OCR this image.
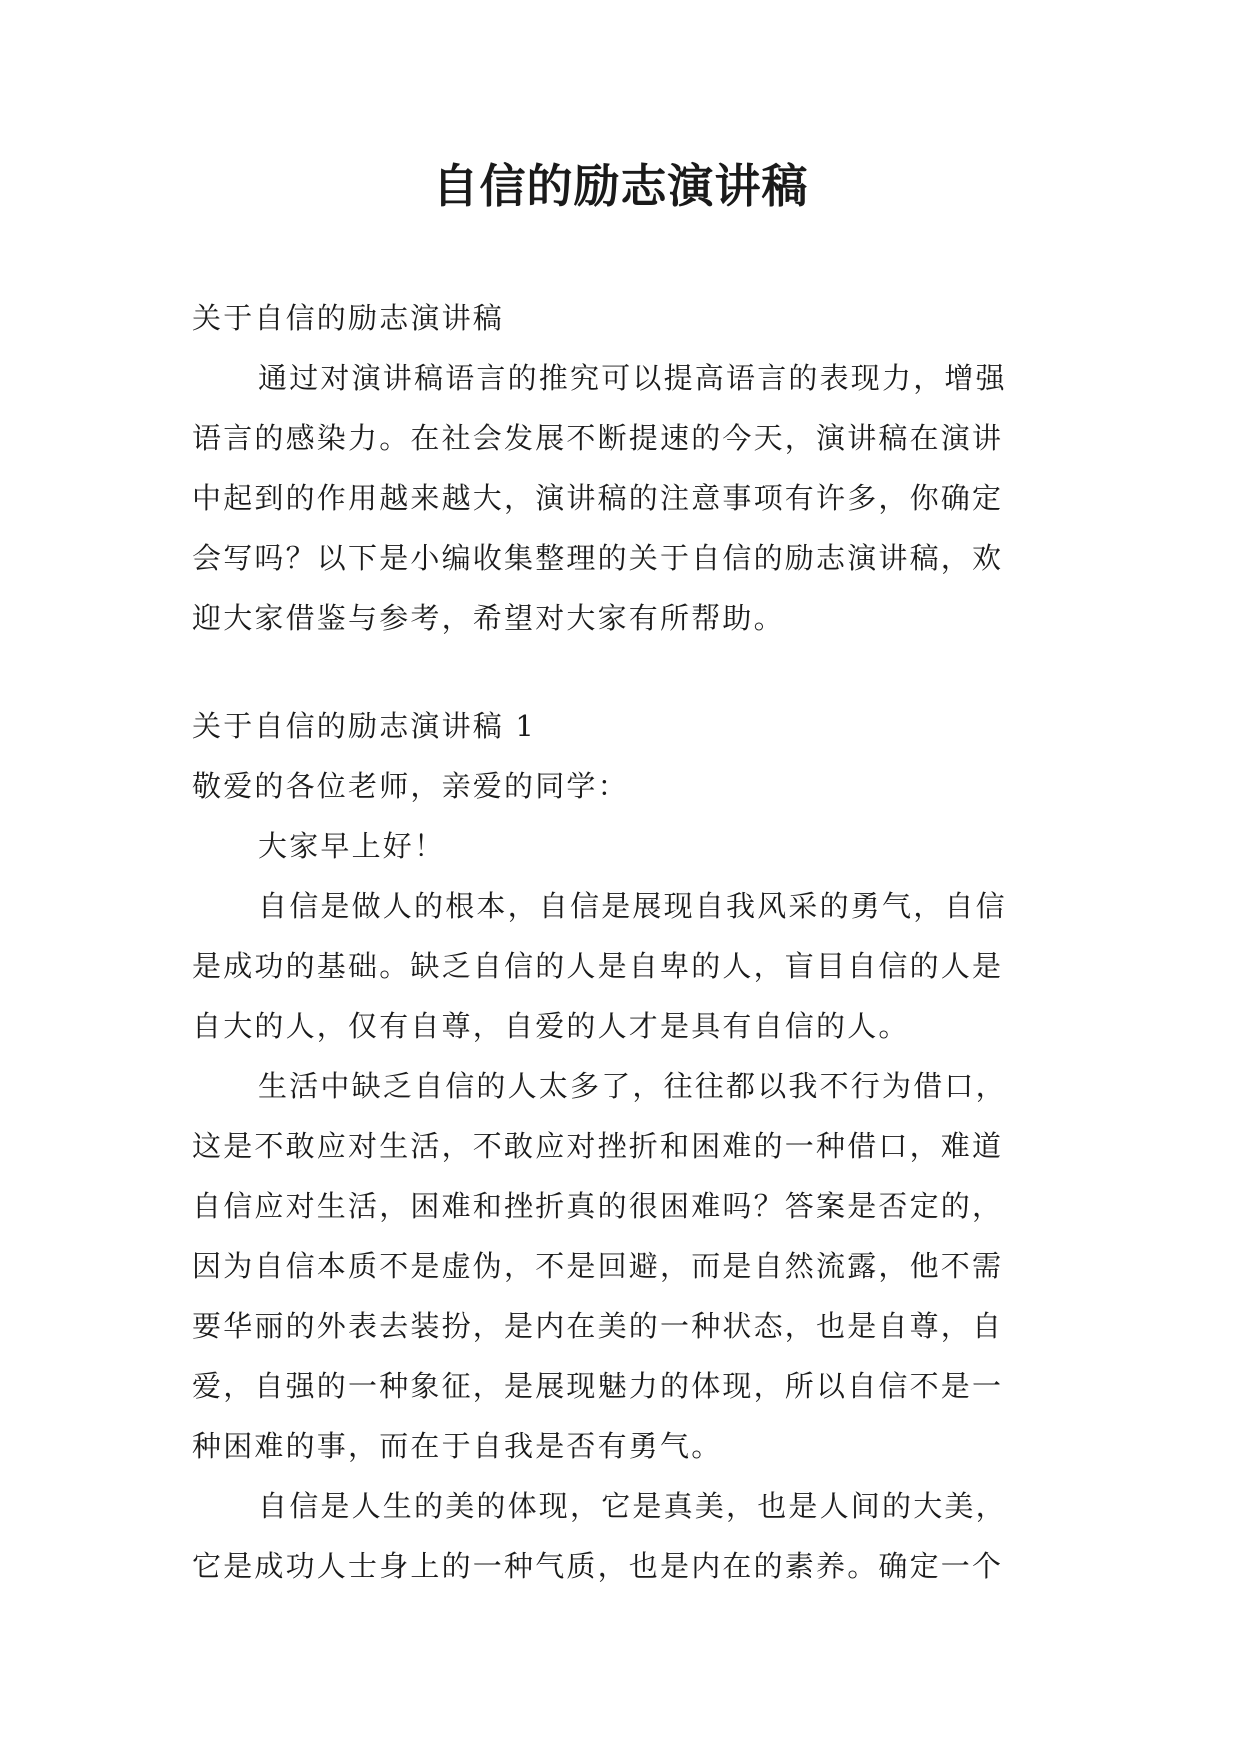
自信的励志演讲稿

关于自信的励志演讲稿

通过对演讲稿语言的推究可以提高语言的表现力，增强

语言的感染力。在社会发展不断提速的今天，演讲稿在演讲

中起到的作用越来越大，演讲稿的注意事项有许多，你确定

会写吗？以下是小编收集整理的关于自信的励志演讲稿，欢

迎大家借鉴与参考，希望对大家有所帮助。

关于自信的励志演讲稿 1

敬爱的各位老师，亲爱的同学：

大家早上好！

自信是做人的根本，自信是展现自我风采的勇气，自信

是成功的基础。缺乏自信的人是自卑的人，盲目自信的人是

自大的人，仅有自尊，自爱的人才是具有自信的人。

生活中缺乏自信的人太多了，往往都以我不行为借口，

这是不敢应对生活，不敢应对挫折和困难的一种借口，难道

自信应对生活，困难和挫折真的很困难吗？答案是否定的，

因为自信本质不是虚伪，不是回避，而是自然流露，他不需

要华丽的外表去装扮，是内在美的一种状态，也是自尊，自

爱，自强的一种象征，是展现魅力的体现，所以自信不是一

种困难的事，而在于自我是否有勇气。

自信是人生的美的体现，它是真美，也是人间的大美，

它是成功人士身上的一种气质，也是内在的素养。确定一个
